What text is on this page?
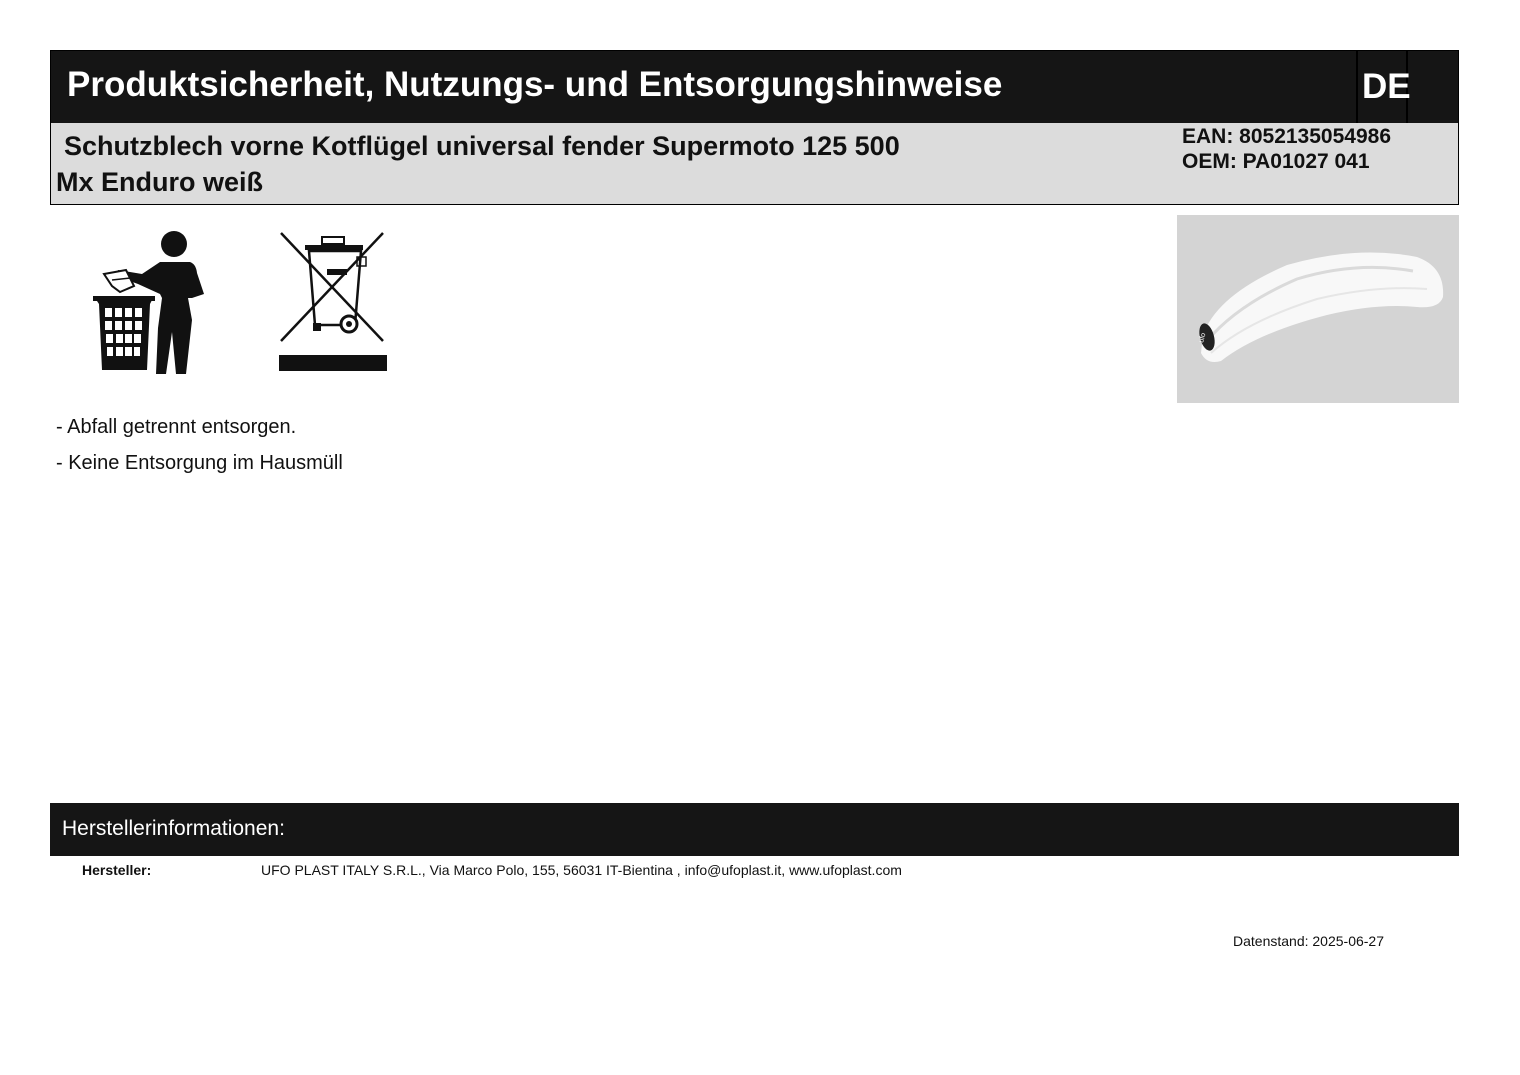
Produktsicherheit, Nutzungs- und Entsorgungshinweise	DE
Schutzblech vorne Kotflügel universal fender Supermoto 125 500 Mx Enduro weiß
EAN: 8052135054986
OEM: PA01027 041
ufo
- Abfall getrennt entsorgen.
- Keine Entsorgung im Hausmüll
Herstellerinformationen:
Hersteller:	UFO PLAST ITALY S.R.L., Via Marco Polo, 155, 56031 IT-Bientina , info@ufoplast.it, www.ufoplast.com
Datenstand: 2025-06-27
